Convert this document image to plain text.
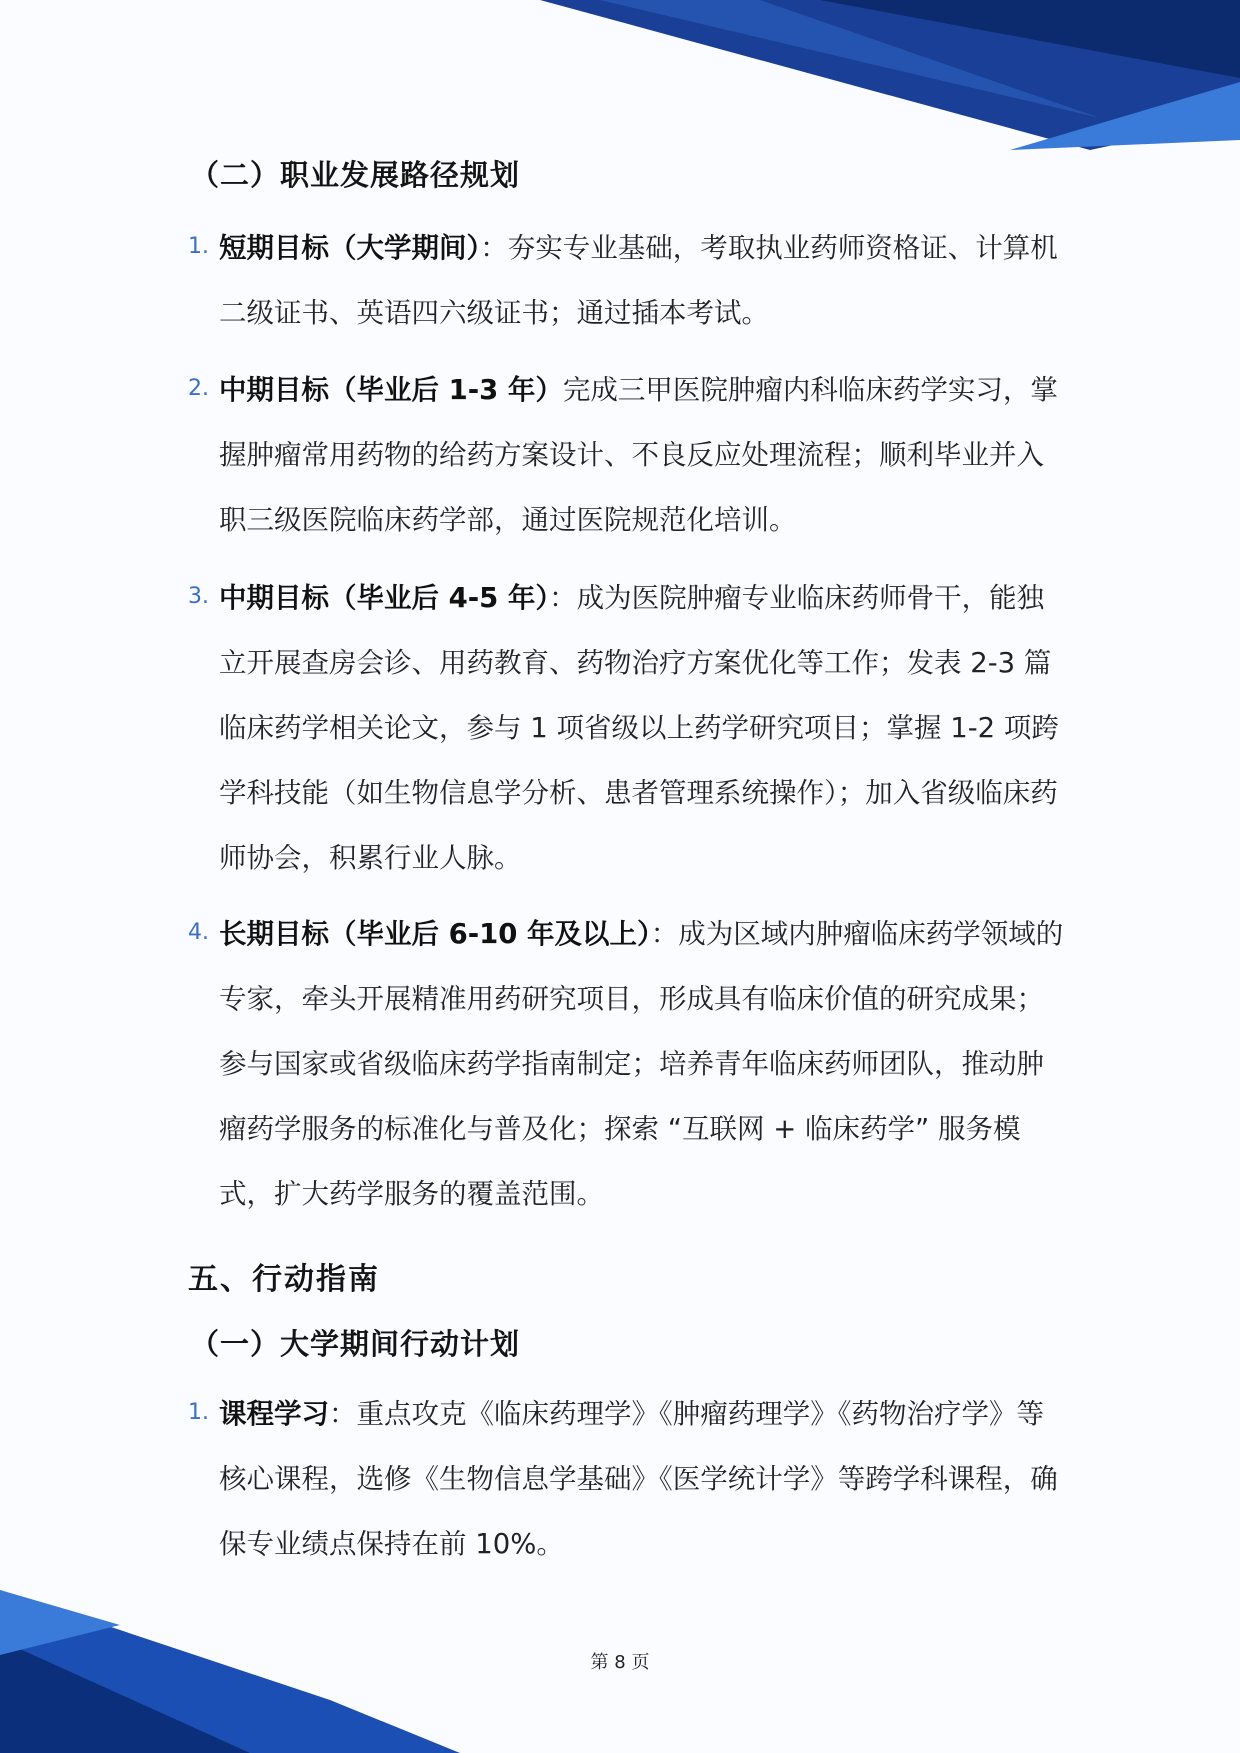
（二）职业发展路径规划
1. 短期目标（大学期间）：夯实专业基础，考取执业药师资格证、计算机二级证书、英语四六级证书；通过插本考试。
2. 中期目标（毕业后 1-3 年）完成三甲医院肿瘤内科临床药学实习，掌握肿瘤常用药物的给药方案设计、不良反应处理流程；顺利毕业并入职三级医院临床药学部，通过医院规范化培训。
3. 中期目标（毕业后 4-5 年）：成为医院肿瘤专业临床药师骨干，能独立开展查房会诊、用药教育、药物治疗方案优化等工作；发表 2-3 篇临床药学相关论文，参与 1 项省级以上药学研究项目；掌握 1-2 项跨学科技能（如生物信息学分析、患者管理系统操作）；加入省级临床药师协会，积累行业人脉。
4. 长期目标（毕业后 6-10 年及以上）：成为区域内肿瘤临床药学领域的专家，牵头开展精准用药研究项目，形成具有临床价值的研究成果；参与国家或省级临床药学指南制定；培养青年临床药师团队，推动肿瘤药学服务的标准化与普及化；探索 “互联网 + 临床药学” 服务模式，扩大药学服务的覆盖范围。
五、行动指南
（一）大学期间行动计划
1. 课程学习：重点攻克《临床药理学》《肿瘤药理学》《药物治疗学》等核心课程，选修《生物信息学基础》《医学统计学》等跨学科课程，确保专业绩点保持在前 10%。
第 8 页
